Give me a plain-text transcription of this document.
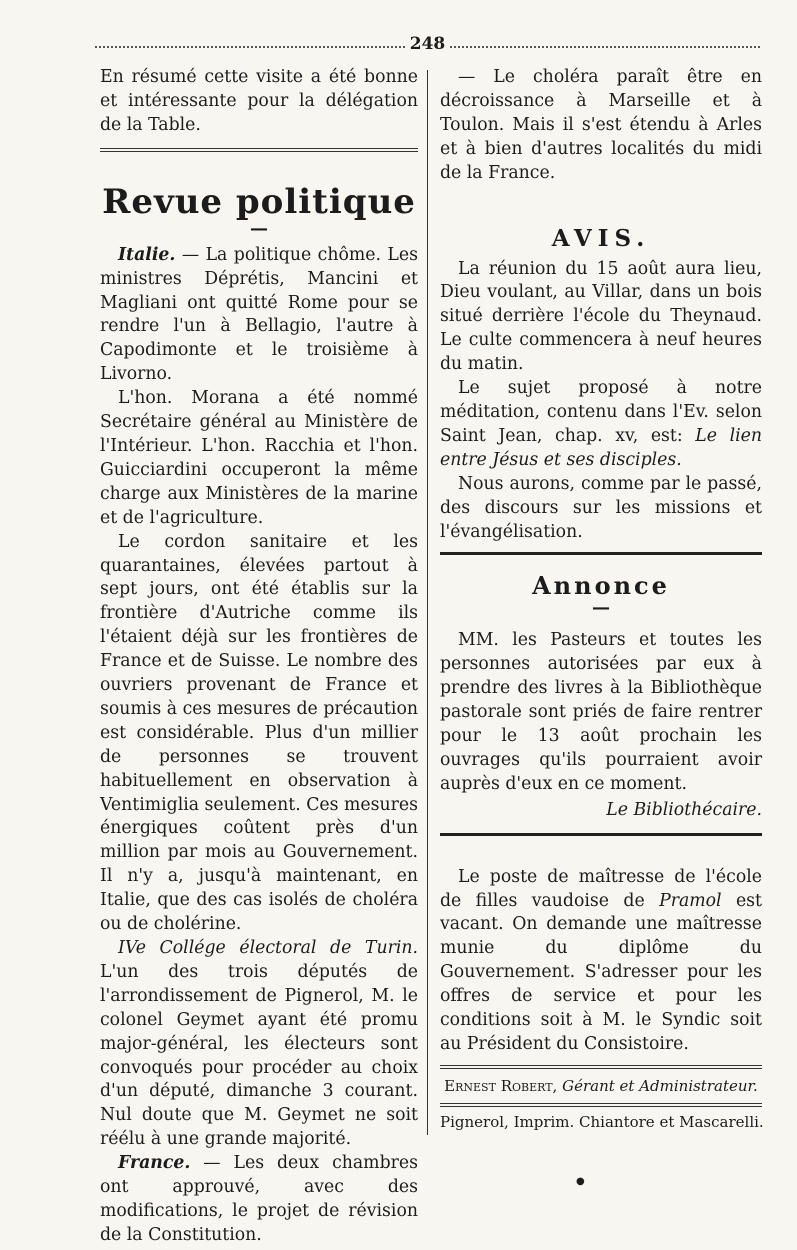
248

En résumé cette visite a été bonne et intéressante pour la délégation de la Table.

Revue politique
—

Italie. — La politique chôme. Les ministres Déprétis, Mancini et Magliani ont quitté Rome pour se rendre l'un à Bellagio, l'autre à Capodimonte et le troisième à Livorno.

L'hon. Morana a été nommé Secrétaire général au Ministère de l'Intérieur. L'hon. Racchia et l'hon. Guicciardini occuperont la même charge aux Ministères de la marine et de l'agriculture.

Le cordon sanitaire et les quarantaines, élevées partout à sept jours, ont été établis sur la frontière d'Autriche comme ils l'étaient déjà sur les frontières de France et de Suisse. Le nombre des ouvriers provenant de France et soumis à ces mesures de précaution est considérable. Plus d'un millier de personnes se trouvent habituellement en observation à Ventimiglia seulement. Ces mesures énergiques coûtent près d'un million par mois au Gouvernement. Il n'y a, jusqu'à maintenant, en Italie, que des cas isolés de choléra ou de cholérine.

IVe Collége électoral de Turin. L'un des trois députés de l'arrondissement de Pignerol, M. le colonel Geymet ayant été promu major-général, les électeurs sont convoqués pour procéder au choix d'un député, dimanche 3 courant. Nul doute que M. Geymet ne soit réélu à une grande majorité.

France. — Les deux chambres ont approuvé, avec des modifications, le projet de révision de la Constitution.

— Le choléra paraît être en décroissance à Marseille et à Toulon. Mais il s'est étendu à Arles et à bien d'autres localités du midi de la France.

AVIS.

La réunion du 15 août aura lieu, Dieu voulant, au Villar, dans un bois situé derrière l'école du Theynaud. Le culte commencera à neuf heures du matin.

Le sujet proposé à notre méditation, contenu dans l'Ev. selon Saint Jean, chap. xv, est: Le lien entre Jésus et ses disciples.

Nous aurons, comme par le passé, des discours sur les missions et l'évangélisation.

Annonce
—

MM. les Pasteurs et toutes les personnes autorisées par eux à prendre des livres à la Bibliothèque pastorale sont priés de faire rentrer pour le 13 août prochain les ouvrages qu'ils pourraient avoir auprès d'eux en ce moment.

Le Bibliothécaire.

Le poste de maîtresse de l'école de filles vaudoise de Pramol est vacant. On demande une maîtresse munie du diplôme du Gouvernement. S'adresser pour les offres de service et pour les conditions soit à M. le Syndic soit au Président du Consistoire.

Ernest Robert, Gérant et Administrateur.

Pignerol, Imprim. Chiantore et Mascarelli.

●
